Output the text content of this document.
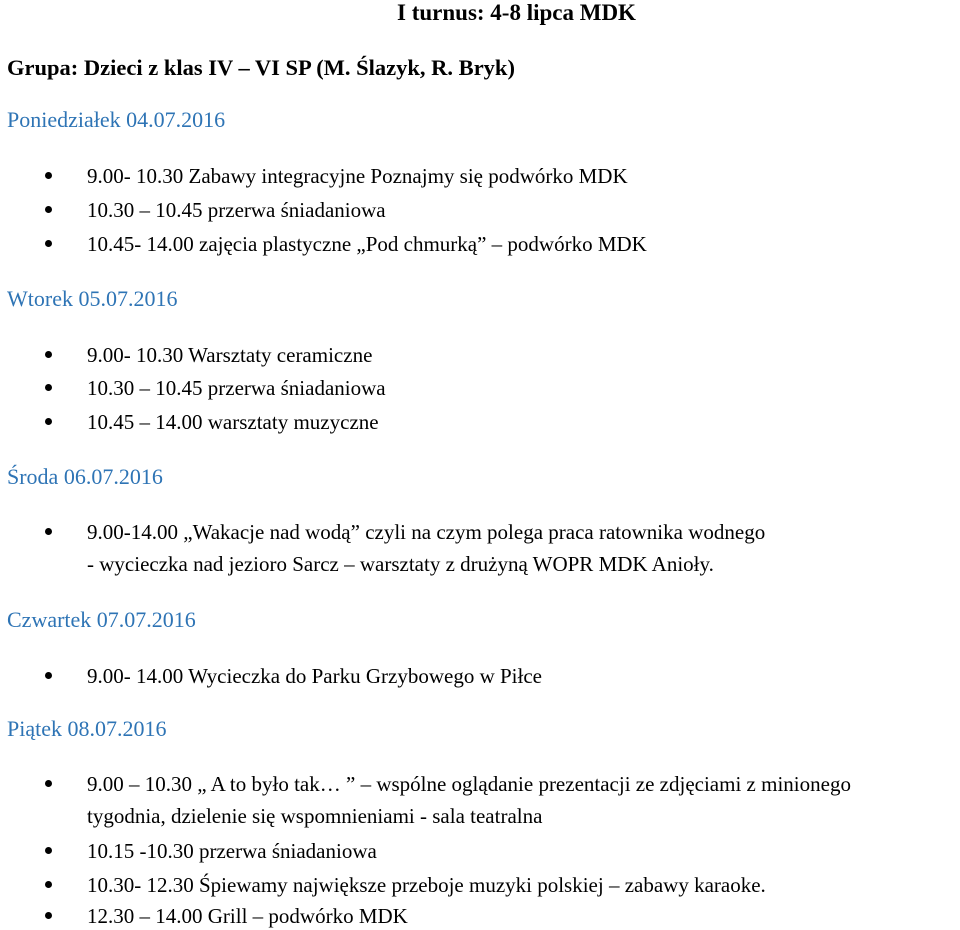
I turnus: 4-8 lipca MDK
Grupa: Dzieci z klas IV – VI SP (M. Ślazyk, R. Bryk)
Poniedziałek 04.07.2016
9.00- 10.30 Zabawy integracyjne Poznajmy się podwórko MDK
10.30 – 10.45 przerwa śniadaniowa
10.45- 14.00 zajęcia plastyczne „Pod chmurką” – podwórko MDK
Wtorek 05.07.2016
9.00- 10.30 Warsztaty ceramiczne
10.30 – 10.45 przerwa śniadaniowa
10.45 – 14.00 warsztaty muzyczne
Środa 06.07.2016
9.00-14.00 „Wakacje nad wodą” czyli na czym polega praca ratownika wodnego
- wycieczka nad jezioro Sarcz – warsztaty z drużyną WOPR MDK Anioły.
Czwartek 07.07.2016
9.00- 14.00 Wycieczka do Parku Grzybowego w Piłce
Piątek 08.07.2016
9.00 – 10.30 „ A to było tak… ” – wspólne oglądanie prezentacji ze zdjęciami z minionego
tygodnia, dzielenie się wspomnieniami - sala teatralna
10.15 -10.30 przerwa śniadaniowa
10.30- 12.30 Śpiewamy największe przeboje muzyki polskiej – zabawy karaoke.
12.30 – 14.00 Grill – podwórko MDK
